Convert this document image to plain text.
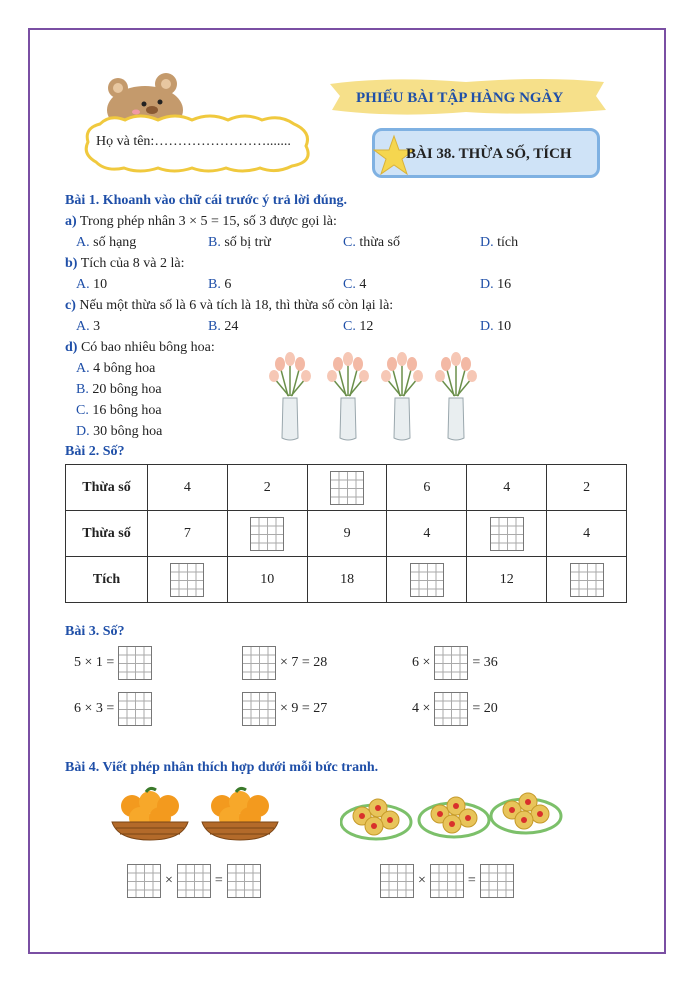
Họ và tên:…………………….......
PHIẾU BÀI TẬP HÀNG NGÀY
BÀI 38. THỪA SỐ, TÍCH
Bài 1. Khoanh vào chữ cái trước ý trả lời đúng.
a) Trong phép nhân 3 × 5 = 15, số 3 được gọi là:
A. số hạng	B. số bị trừ	C. thừa số	D. tích
b) Tích của 8 và 2 là:
A. 10	B. 6	C. 4	D. 16
c) Nếu một thừa số là 6 và tích là 18, thì thừa số còn lại là:
A. 3	B. 24	C. 12	D. 10
d) Có bao nhiêu bông hoa:
A. 4 bông hoa
B. 20 bông hoa
C. 16 bông hoa
D. 30 bông hoa
Bài 2. Số?
Thừa số	4	2		6	4	2
Thừa số	7		9	4		4
Tích		10	18		12	
Bài 3. Số?
5 × 1 =	× 7 = 28	6 ×	= 36
6 × 3 =	× 9 = 27	4 ×	= 20
Bài 4. Viết phép nhân thích hợp dưới mỗi bức tranh.
×	=	×	=
